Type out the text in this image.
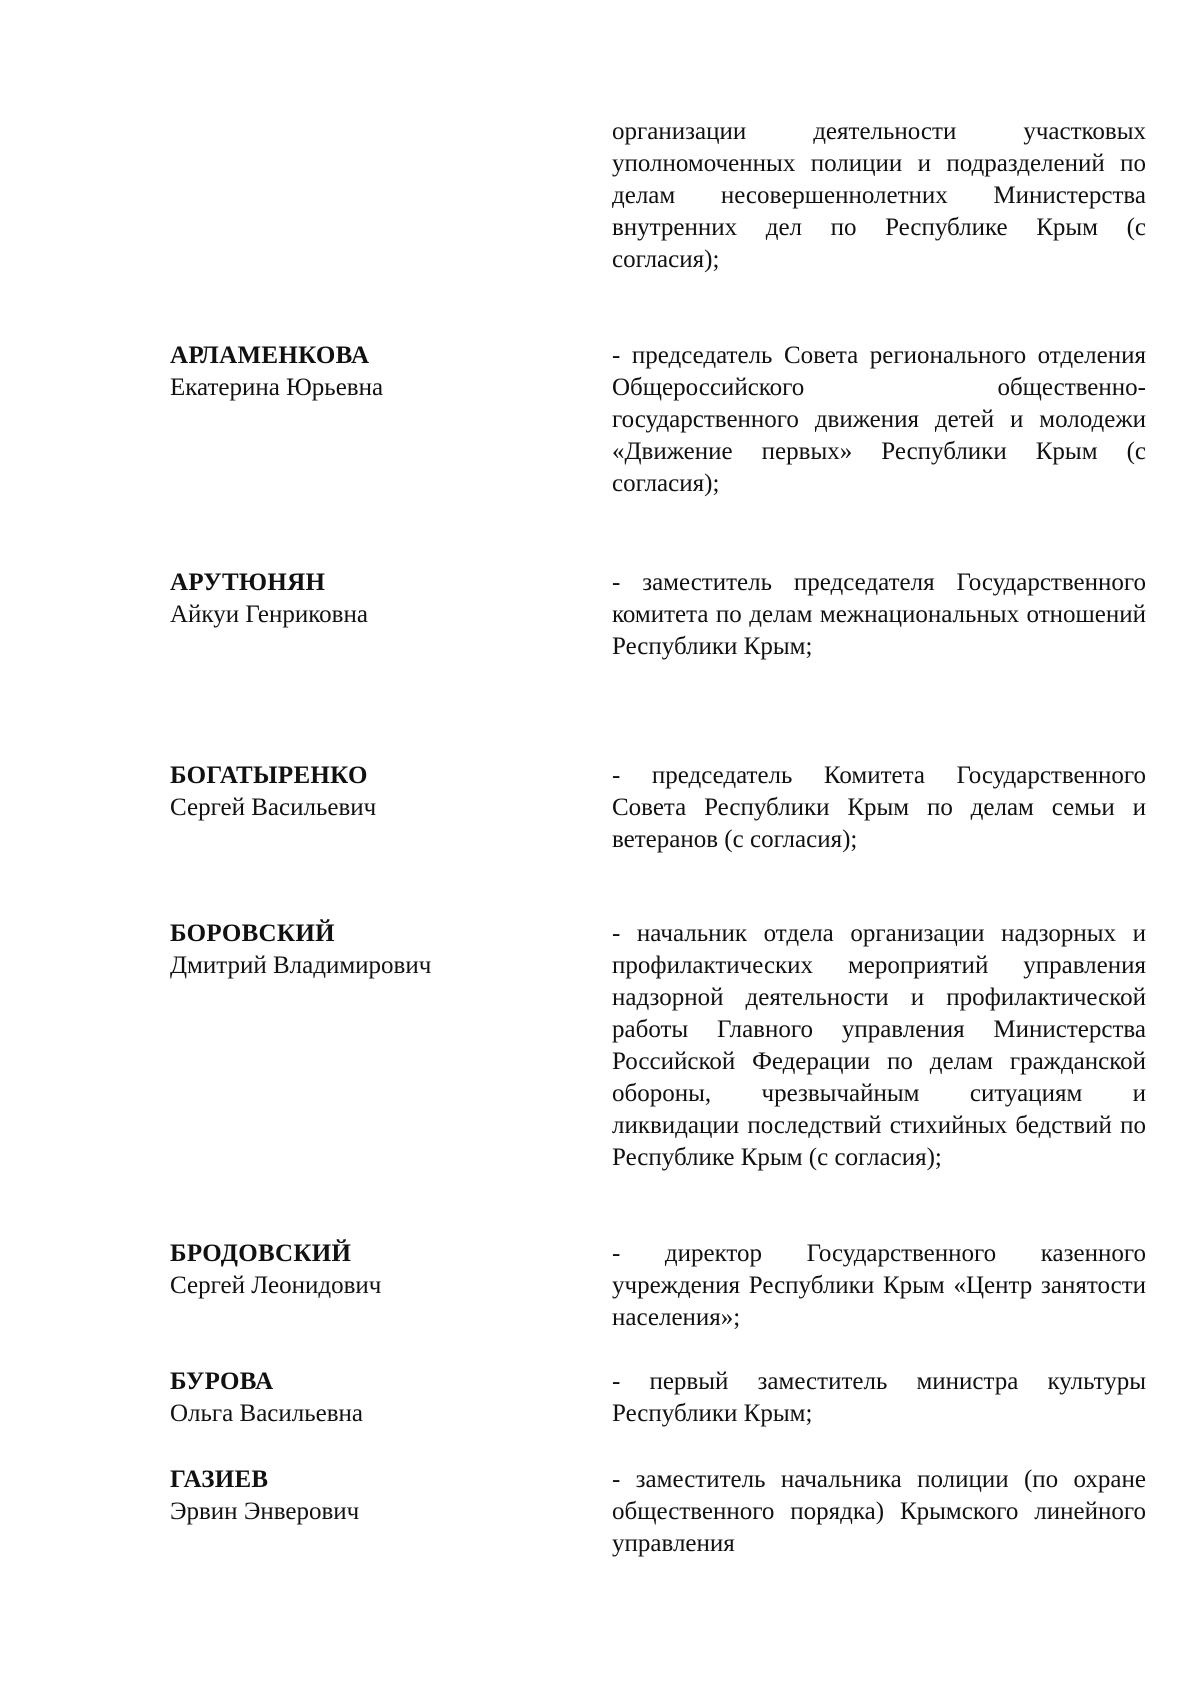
организации деятельности участковых уполномоченных полиции и подразделений по делам несовершеннолетних Министерства внутренних дел по Республике Крым (с согласия);
АРЛАМЕНКОВА
Екатерина Юрьевна
- председатель Совета регионального отделения Общероссийского общественно-государственного движения детей и молодежи «Движение первых» Республики Крым (с согласия);
АРУТЮНЯН
Айкуи Генриковна
- заместитель председателя Государственного комитета по делам межнациональных отношений Республики Крым;
БОГАТЫРЕНКО
Сергей Васильевич
- председатель Комитета Государственного Совета Республики Крым по делам семьи и ветеранов (с согласия);
БОРОВСКИЙ
Дмитрий Владимирович
- начальник отдела организации надзорных и профилактических мероприятий управления надзорной деятельности и профилактической работы Главного управления Министерства Российской Федерации по делам гражданской обороны, чрезвычайным ситуациям и ликвидации последствий стихийных бедствий по Республике Крым (с согласия);
БРОДОВСКИЙ
Сергей Леонидович
- директор Государственного казенного учреждения Республики Крым «Центр занятости населения»;
БУРОВА
Ольга Васильевна
- первый заместитель министра культуры Республики Крым;
ГАЗИЕВ
Эрвин Энверович
- заместитель начальника полиции (по охране общественного порядка) Крымского линейного управления
